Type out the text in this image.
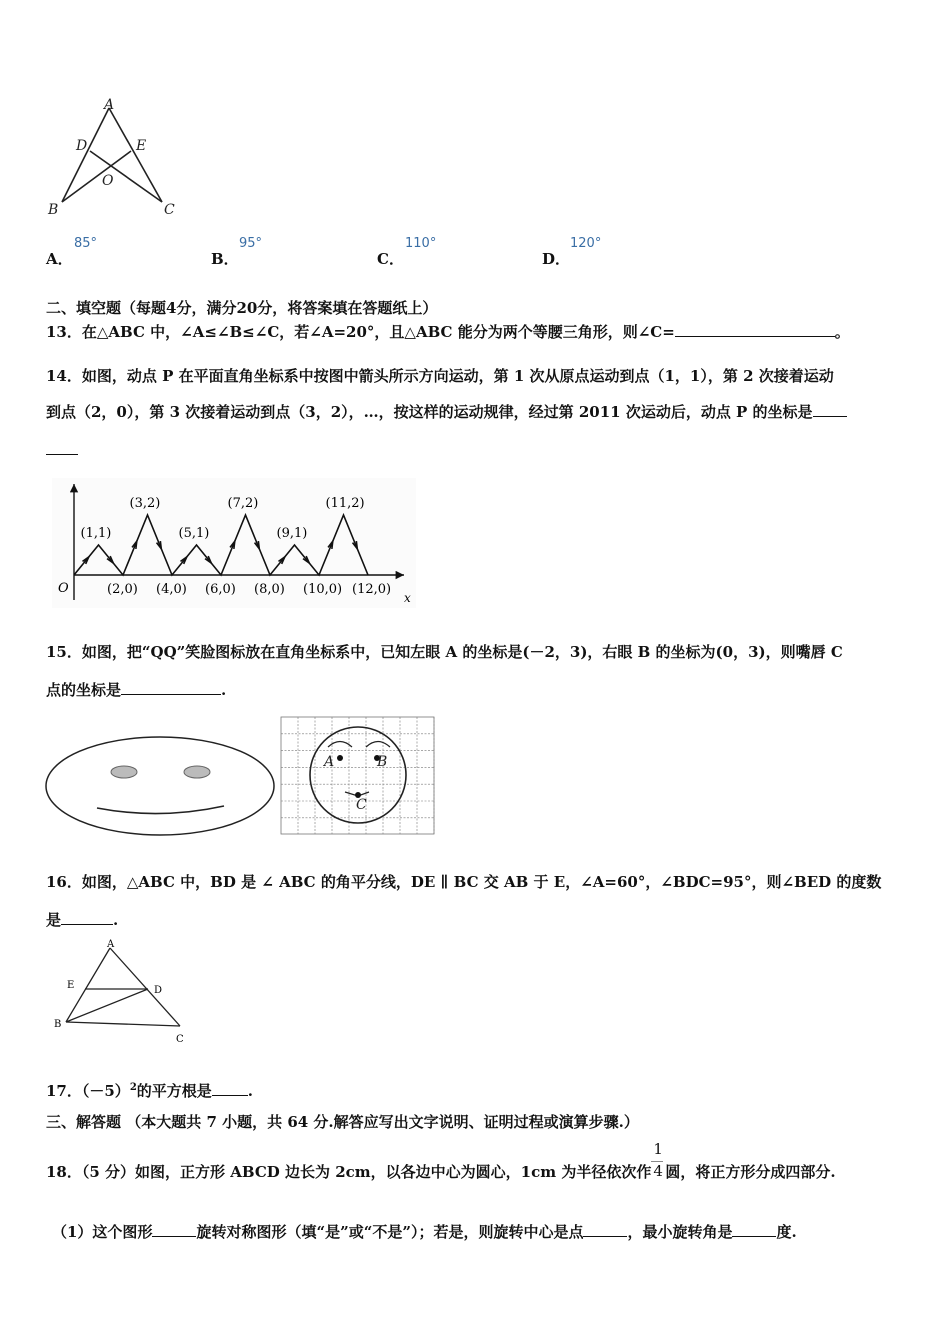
A
D	E
O
B	C
A．
85°
B．
95°
C．
110°
D．
120°
二、填空题（每题4分，满分20分，将答案填在答题纸上）
13．在△ABC 中，∠A≤∠B≤∠C，若∠A=20°，且△ABC 能分为两个等腰三角形，则∠C=	。
14．如图，动点 P 在平面直角坐标系中按图中箭头所示方向运动，第 1 次从原点运动到点（1，1），第 2 次接着运动
到点（2，0），第 3 次接着运动到点（3，2），…，按这样的运动规律，经过第 2011 次运动后，动点 P 的坐标是
O
x
(1,1)
(3,2)
(5,1)
(7,2)
(9,1)
(11,2)
(2,0) (4,0) (6,0) (8,0) (10,0) (12,0)
15．如图，把“QQ”笑脸图标放在直角坐标系中，已知左眼 A 的坐标是(－2，3)，右眼 B 的坐标为(0，3)，则嘴唇 C
点的坐标是	.
A	B
C
16．如图，△ABC 中，BD 是 ∠ ABC 的角平分线，DE ∥ BC 交 AB 于 E，∠A=60°，∠BDC=95°，则∠BED 的度数
是	.
A
E	D
B
C
17．$(-5)^2$的平方根是 .
三、解答题 （本大题共 7 小题，共 64 分.解答应写出文字说明、证明过程或演算步骤.）
18．（5 分）如图，正方形 ABCD 边长为 2cm，以各边中心为圆心，1cm 为半径依次作 $\frac{1}{4}$ 圆，将正方形分成四部分.
（1）这个图形	旋转对称图形（填“是”或“不是”）；若是，则旋转中心是点	，最小旋转角是	度.
